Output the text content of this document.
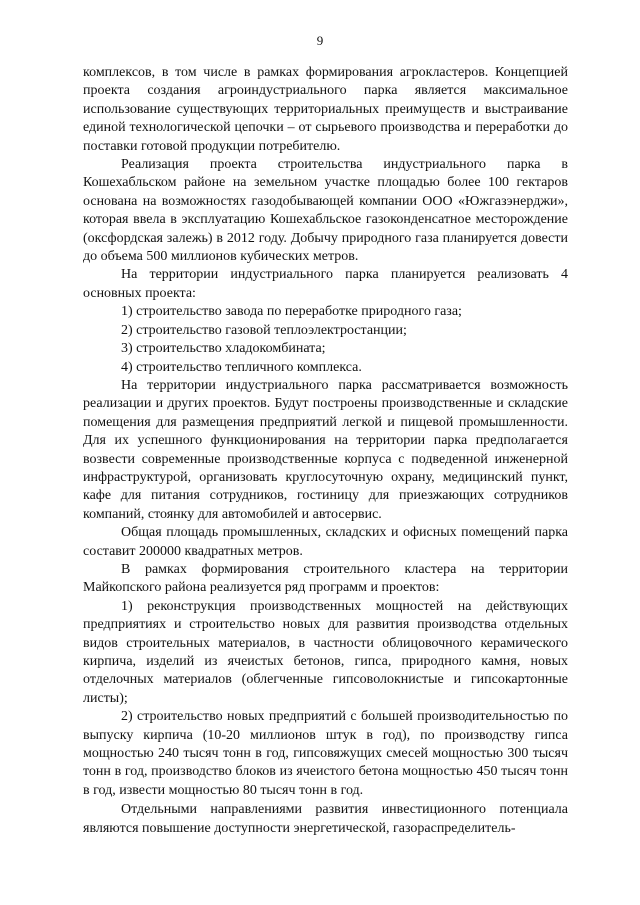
9

комплексов, в том числе в рамках формирования агрокластеров. Концепцией проекта создания агроиндустриального парка является максимальное использование существующих территориальных преимуществ и выстраивание единой технологической цепочки – от сырьевого производства и переработки до поставки готовой продукции потребителю.

Реализация проекта строительства индустриального парка в Кошехабльском районе на земельном участке площадью более 100 гектаров основана на возможностях газодобывающей компании ООО «Южгазэнерджи», которая ввела в эксплуатацию Кошехабльское газоконденсатное месторождение (оксфордская залежь) в 2012 году. Добычу природного газа планируется довести до объема 500 миллионов кубических метров.

На территории индустриального парка планируется реализовать 4 основных проекта:

1) строительство завода по переработке природного газа;
2) строительство газовой теплоэлектростанции;
3) строительство хладокомбината;
4) строительство тепличного комплекса.

На территории индустриального парка рассматривается возможность реализации и других проектов. Будут построены производственные и складские помещения для размещения предприятий легкой и пищевой промышленности. Для их успешного функционирования на территории парка предполагается возвести современные производственные корпуса с подведенной инженерной инфраструктурой, организовать круглосуточную охрану, медицинский пункт, кафе для питания сотрудников, гостиницу для приезжающих сотрудников компаний, стоянку для автомобилей и автосервис.

Общая площадь промышленных, складских и офисных помещений парка составит 200000 квадратных метров.

В рамках формирования строительного кластера на территории Майкопского района реализуется ряд программ и проектов:

1) реконструкция производственных мощностей на действующих предприятиях и строительство новых для развития производства отдельных видов строительных материалов, в частности облицовочного керамического кирпича, изделий из ячеистых бетонов, гипса, природного камня, новых отделочных материалов (облегченные гипсоволокнистые и гипсокартонные листы);

2) строительство новых предприятий с большей производительностью по выпуску кирпича (10-20 миллионов штук в год), по производству гипса мощностью 240 тысяч тонн в год, гипсовяжущих смесей мощностью 300 тысяч тонн в год, производство блоков из ячеистого бетона мощностью 450 тысяч тонн в год, извести мощностью 80 тысяч тонн в год.

Отдельными направлениями развития инвестиционного потенциала являются повышение доступности энергетической, газораспределитель-
